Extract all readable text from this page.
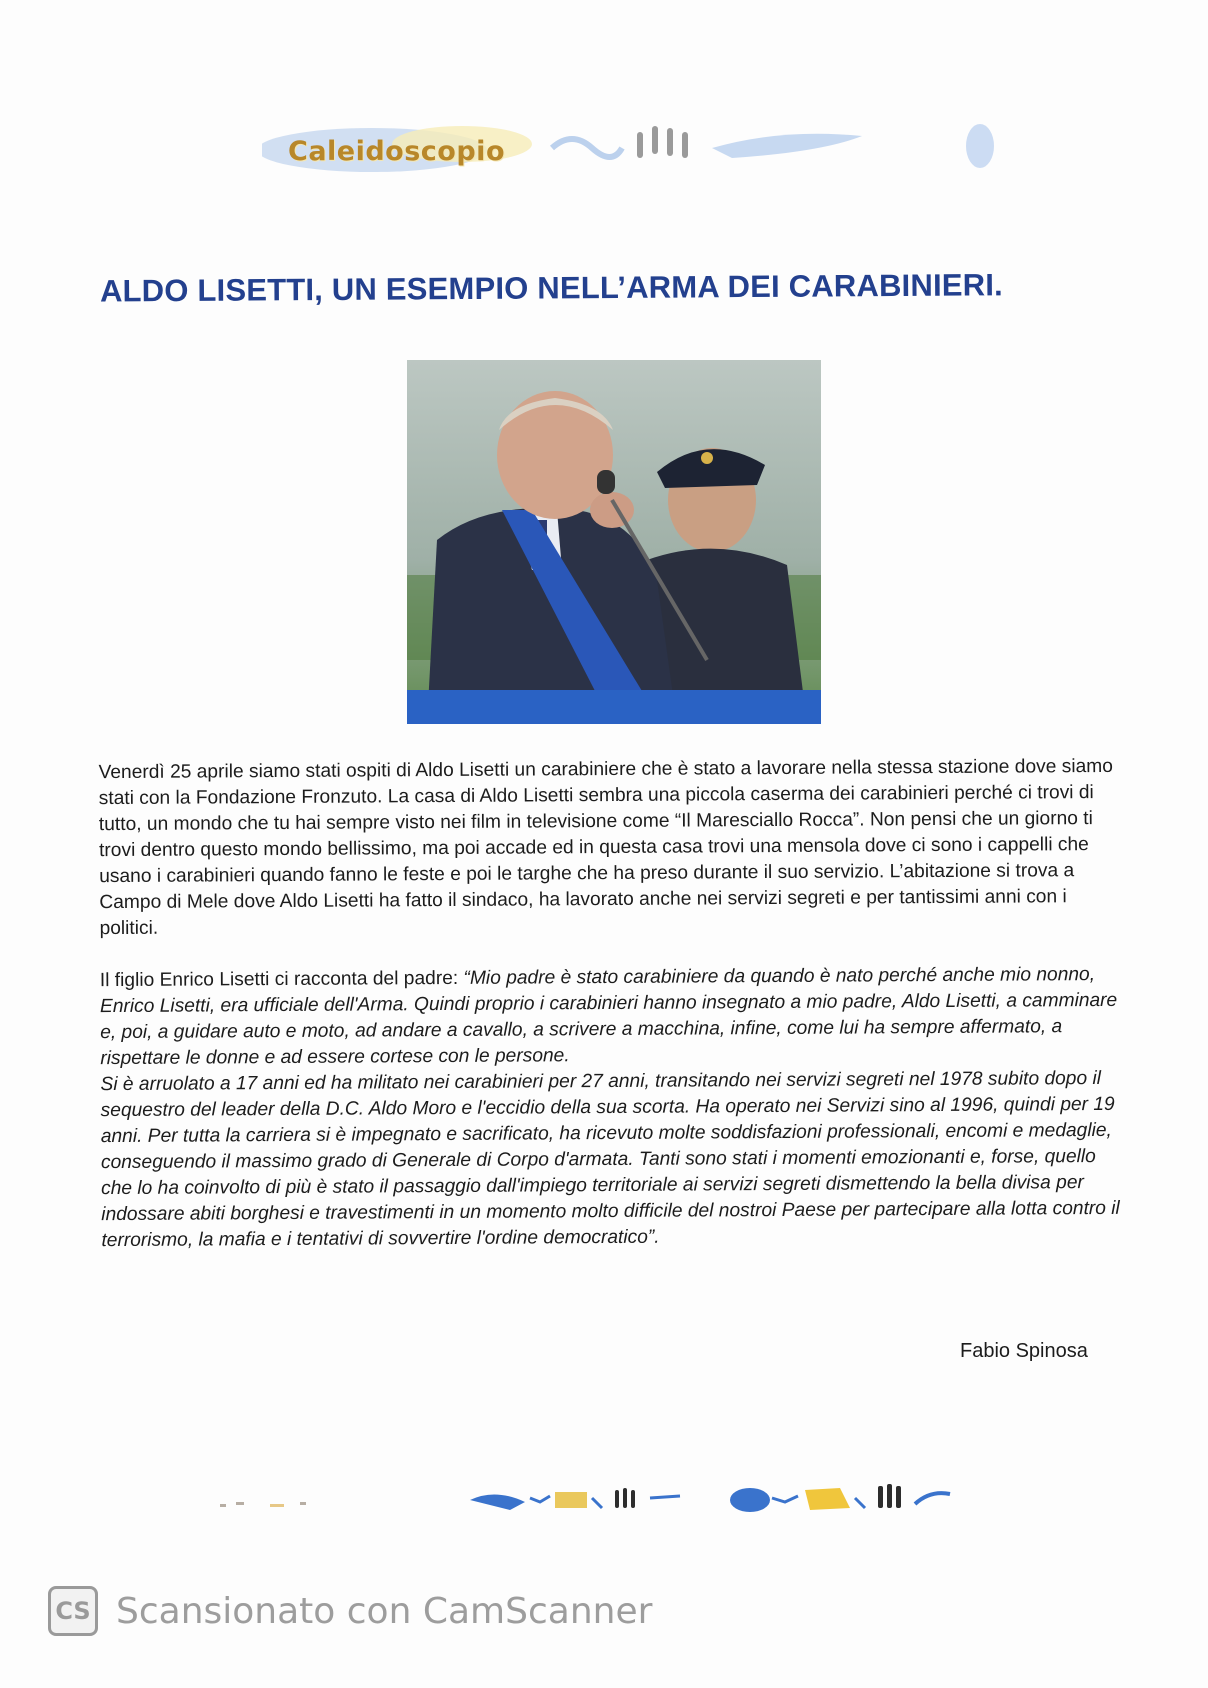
Caleidoscopio
ALDO LISETTI, UN ESEMPIO NELL’ARMA DEI CARABINIERI.

Venerdì 25 aprile siamo stati ospiti di Aldo Lisetti un carabiniere che è stato a lavorare nella stessa stazione dove siamo stati con la Fondazione Fronzuto. La casa di Aldo Lisetti sembra una piccola caserma dei carabinieri perché ci trovi di tutto, un mondo che tu hai sempre visto nei film in televisione come “Il Maresciallo Rocca”. Non pensi che un giorno ti trovi dentro questo mondo bellissimo, ma poi accade ed in questa casa trovi una mensola dove ci sono i cappelli che usano i carabinieri quando fanno le feste e poi le targhe che ha preso durante il suo servizio. L’abitazione si trova a Campo di Mele dove Aldo Lisetti ha fatto il sindaco, ha lavorato anche nei servizi segreti e per tantissimi anni con i politici.

Il figlio Enrico Lisetti ci racconta del padre: “Mio padre è stato carabiniere da quando è nato perché anche mio nonno, Enrico Lisetti, era ufficiale dell'Arma. Quindi proprio i carabinieri hanno insegnato a mio padre, Aldo Lisetti, a camminare e, poi, a guidare auto e moto, ad andare a cavallo, a scrivere a macchina, infine, come lui ha sempre affermato, a rispettare le donne e ad essere cortese con le persone.

Si è arruolato a 17 anni ed ha militato nei carabinieri per 27 anni, transitando nei servizi segreti nel 1978 subito dopo il sequestro del leader della D.C. Aldo Moro e l'eccidio della sua scorta. Ha operato nei Servizi sino al 1996, quindi per 19 anni. Per tutta la carriera si è impegnato e sacrificato, ha ricevuto molte soddisfazioni professionali, encomi e medaglie, conseguendo il massimo grado di Generale di Corpo d'armata. Tanti sono stati i momenti emozionanti e, forse, quello che lo ha coinvolto di più è stato il passaggio dall'impiego territoriale ai servizi segreti dismettendo la bella divisa per indossare abiti borghesi e travestimenti in un momento molto difficile del nostroi Paese per partecipare alla lotta contro il terrorismo, la mafia e i tentativi di sovvertire l'ordine democratico”.

Fabio Spinosa
CS Scansionato con CamScanner
